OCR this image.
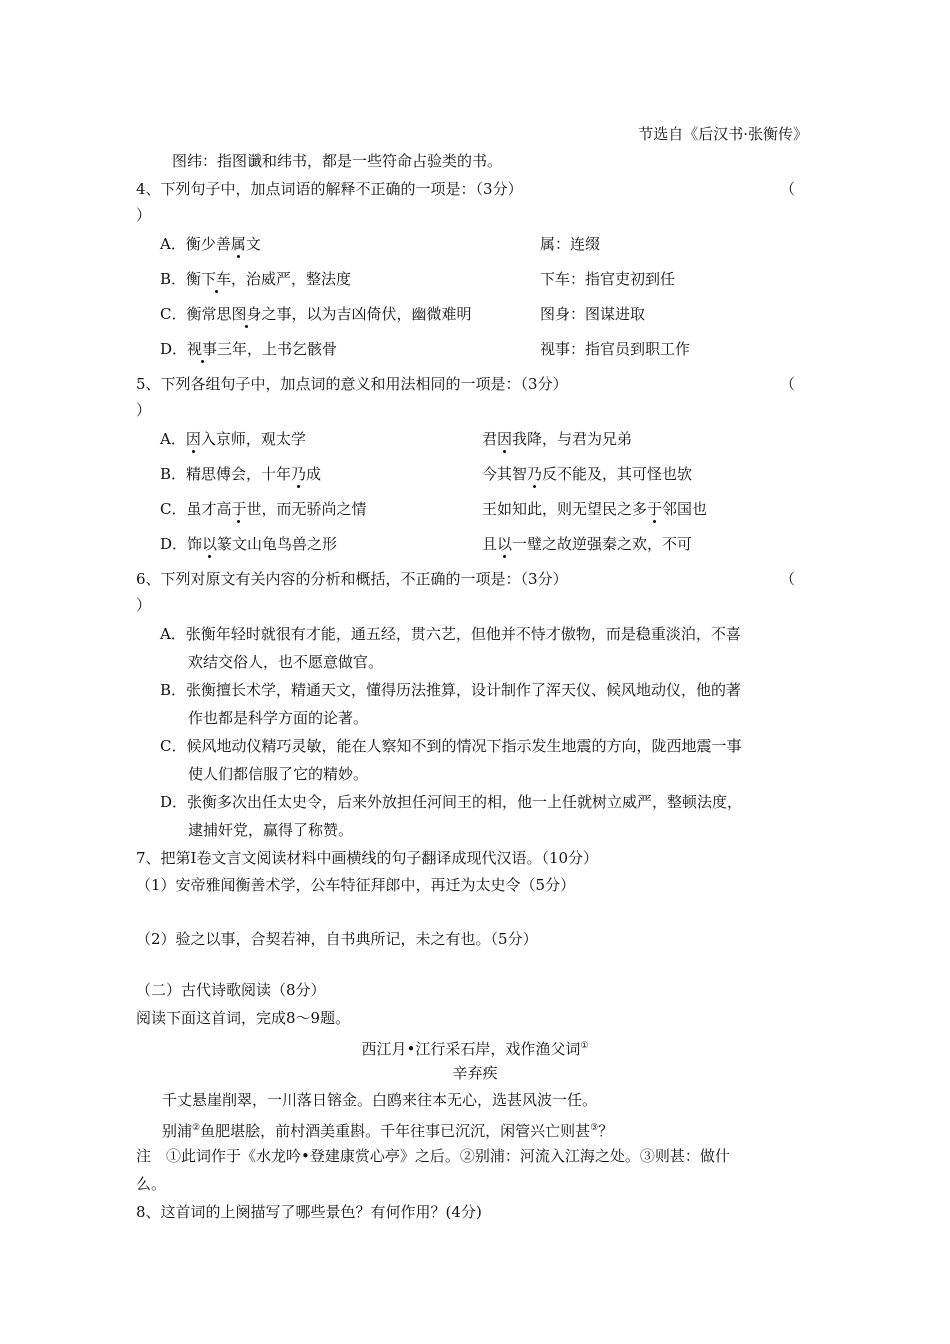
节选自《后汉书·张衡传》
图纬：指图谶和纬书，都是一些符命占验类的书。
4、下列句子中，加点词语的解释不正确的一项是：（3分）	（
）
A．衡少善属文	属：连缀
B．衡下车，治威严，整法度	下车：指官吏初到任
C．衡常思图身之事，以为吉凶倚伏，幽微难明	图身：图谋进取
D．视事三年，上书乞骸骨	视事：指官员到职工作
5、下列各组句子中，加点词的意义和用法相同的一项是：（3分）	（
）
A．因入京师，观太学	君因我降，与君为兄弟
B．精思傅会，十年乃成	今其智乃反不能及，其可怪也欤
C．虽才高于世，而无骄尚之情	王如知此，则无望民之多于邻国也
D．饰以篆文山龟鸟兽之形	且以一璧之故逆强秦之欢，不可
6、下列对原文有关内容的分析和概括，不正确的一项是：（3分）	（
）
A．张衡年轻时就很有才能，通五经，贯六艺，但他并不恃才傲物，而是稳重淡泊，不喜
欢结交俗人，也不愿意做官。
B．张衡擅长术学，精通天文，懂得历法推算，设计制作了浑天仪、候风地动仪，他的著
作也都是科学方面的论著。
C．候风地动仪精巧灵敏，能在人察知不到的情况下指示发生地震的方向，陇西地震一事
使人们都信服了它的精妙。
D．张衡多次出任太史令，后来外放担任河间王的相，他一上任就树立威严，整顿法度，
逮捕奸党，赢得了称赞。
7、把第Ⅰ卷文言文阅读材料中画横线的句子翻译成现代汉语。（10分）
（1）安帝雅闻衡善术学，公车特征拜郎中，再迁为太史令（5分）
（2）验之以事，合契若神，自书典所记，未之有也。（5分）
（二）古代诗歌阅读（8分）
阅读下面这首词，完成8～9题。
西江月•江行采石岸，戏作渔父词①
辛弃疾
千丈悬崖削翠，一川落日镕金。白鸥来往本无心，选甚风波一任。
别浦②鱼肥堪脍，前村酒美重斟。千年往事已沉沉，闲管兴亡则甚③？
注　①此词作于《水龙吟•登建康赏心亭》之后。②别浦：河流入江海之处。③则甚：做什
么。
8、这首词的上阕描写了哪些景色？有何作用？(4分)
